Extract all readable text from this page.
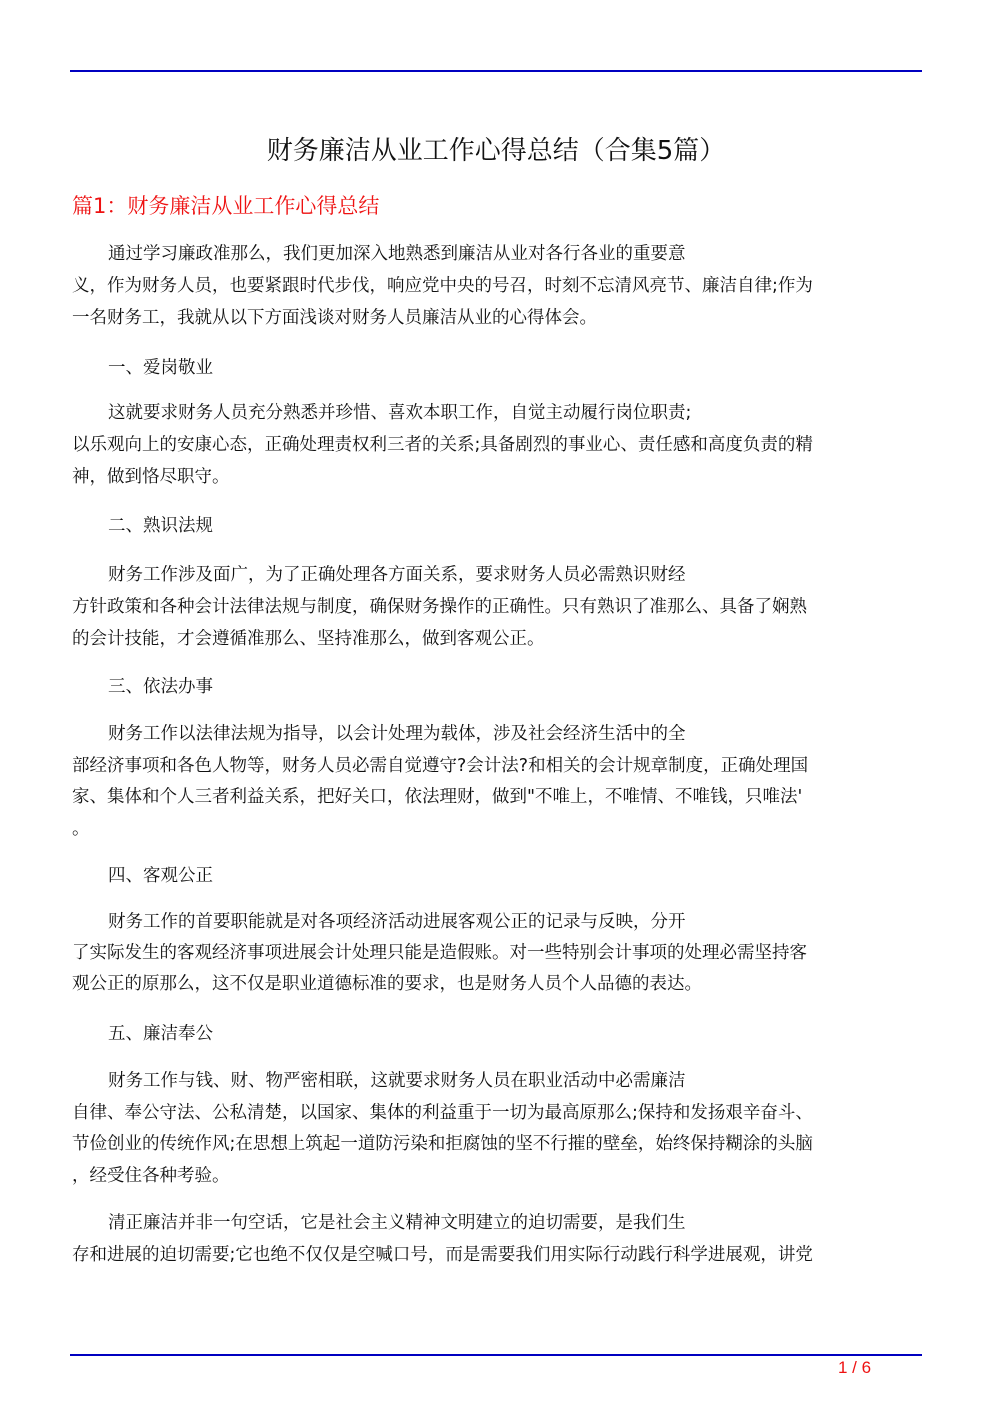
财务廉洁从业工作心得总结（合集5篇）
篇1：财务廉洁从业工作心得总结
通过学习廉政准那么，我们更加深入地熟悉到廉洁从业对各行各业的重要意
义，作为财务人员，也要紧跟时代步伐，响应党中央的号召，时刻不忘清风亮节、廉洁自律;作为
一名财务工，我就从以下方面浅谈对财务人员廉洁从业的心得体会。
一、爱岗敬业
这就要求财务人员充分熟悉并珍惜、喜欢本职工作，自觉主动履行岗位职责;
以乐观向上的安康心态，正确处理责权利三者的关系;具备剧烈的事业心、责任感和高度负责的精
神，做到恪尽职守。
二、熟识法规
财务工作涉及面广，为了正确处理各方面关系，要求财务人员必需熟识财经
方针政策和各种会计法律法规与制度，确保财务操作的正确性。只有熟识了准那么、具备了娴熟
的会计技能，才会遵循准那么、坚持准那么，做到客观公正。
三、依法办事
财务工作以法律法规为指导，以会计处理为载体，涉及社会经济生活中的全
部经济事项和各色人物等，财务人员必需自觉遵守?会计法?和相关的会计规章制度，正确处理国
家、集体和个人三者利益关系，把好关口，依法理财，做到"不唯上，不唯情、不唯钱，只唯法'
。
四、客观公正
财务工作的首要职能就是对各项经济活动进展客观公正的记录与反映，分开
了实际发生的客观经济事项进展会计处理只能是造假账。对一些特别会计事项的处理必需坚持客
观公正的原那么，这不仅是职业道德标准的要求，也是财务人员个人品德的表达。
五、廉洁奉公
财务工作与钱、财、物严密相联，这就要求财务人员在职业活动中必需廉洁
自律、奉公守法、公私清楚，以国家、集体的利益重于一切为最高原那么;保持和发扬艰辛奋斗、
节俭创业的传统作风;在思想上筑起一道防污染和拒腐蚀的坚不行摧的壁垒，始终保持糊涂的头脑
，经受住各种考验。
清正廉洁并非一句空话，它是社会主义精神文明建立的迫切需要，是我们生
存和进展的迫切需要;它也绝不仅仅是空喊口号，而是需要我们用实际行动践行科学进展观，讲党
1 / 6
